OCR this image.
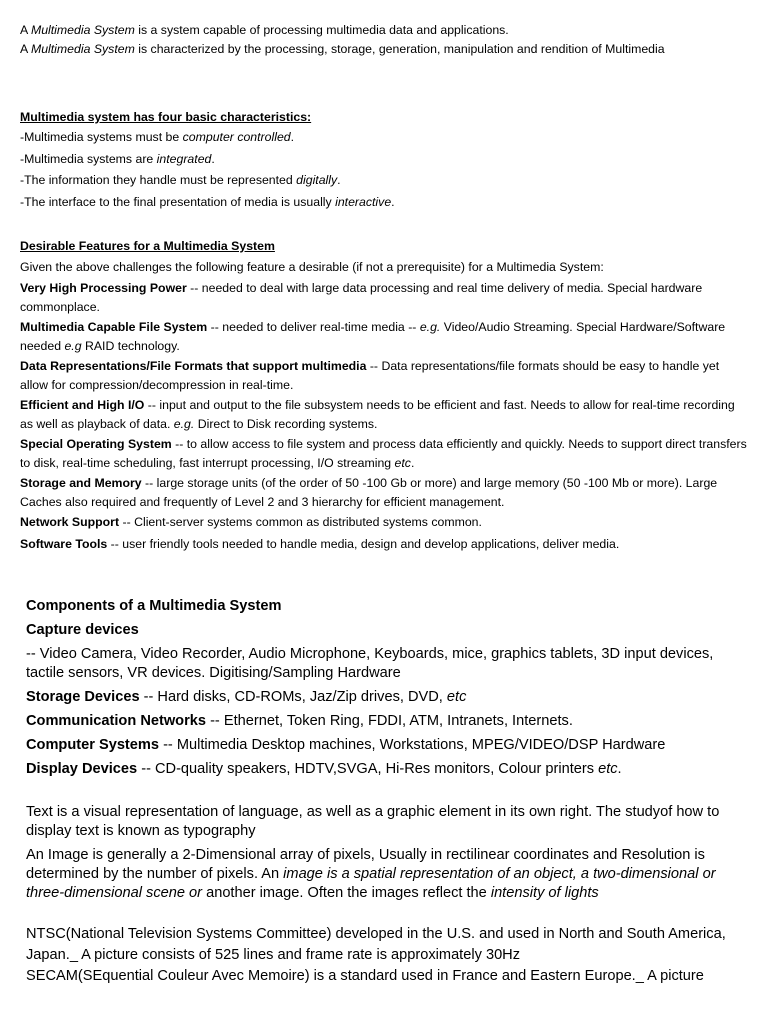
A Multimedia System is a system capable of processing multimedia data and applications.

A Multimedia System is characterized by the processing, storage, generation, manipulation and rendition of Multimedia

Multimedia system has four basic characteristics:

-Multimedia systems must be computer controlled.

-Multimedia systems are integrated.

-The information they handle must be represented digitally.

-The interface to the final presentation of media is usually interactive.

Desirable Features for a Multimedia System

Given the above challenges the following feature a desirable (if not a prerequisite) for a Multimedia System:

Very High Processing Power -- needed to deal with large data processing and real time delivery of media. Special hardware commonplace.

Multimedia Capable File System -- needed to deliver real-time media -- e.g. Video/Audio Streaming. Special Hardware/Software needed e.g RAID technology.

Data Representations/File Formats that support multimedia -- Data representations/file formats should be easy to handle yet allow for compression/decompression in real-time.

Efficient and High I/O -- input and output to the file subsystem needs to be efficient and fast. Needs to allow for real-time recording as well as playback of data. e.g. Direct to Disk recording systems.

Special Operating System -- to allow access to file system and process data efficiently and quickly. Needs to support direct transfers to disk, real-time scheduling, fast interrupt processing, I/O streaming etc.

Storage and Memory -- large storage units (of the order of 50 -100 Gb or more) and large memory (50 -100 Mb or more). Large Caches also required and frequently of Level 2 and 3 hierarchy for efficient management.

Network Support -- Client-server systems common as distributed systems common.

Software Tools -- user friendly tools needed to handle media, design and develop applications, deliver media.

Components of a Multimedia System

Capture devices

-- Video Camera, Video Recorder, Audio Microphone, Keyboards, mice, graphics tablets, 3D input devices, tactile sensors, VR devices. Digitising/Sampling Hardware

Storage Devices -- Hard disks, CD-ROMs, Jaz/Zip drives, DVD, etc

Communication Networks -- Ethernet, Token Ring, FDDI, ATM, Intranets, Internets.

Computer Systems -- Multimedia Desktop machines, Workstations, MPEG/VIDEO/DSP Hardware

Display Devices -- CD-quality speakers, HDTV,SVGA, Hi-Res monitors, Colour printers etc.

Text is a visual representation of language, as well as a graphic element in its own right. The studyof how to display text is known as typography

An Image is generally a 2-Dimensional array of pixels, Usually in rectilinear coordinates and Resolution is determined by the number of pixels. An image is a spatial representation of an object, a two-dimensional or three-dimensional scene or another image. Often the images reflect the intensity of lights

NTSC(National Television Systems Committee) developed in the U.S. and used in North and South America, Japan._ A picture consists of 525 lines and frame rate is approximately 30Hz

SECAM(SEquential Couleur Avec Memoire) is a standard used in France and Eastern Europe._ A picture
